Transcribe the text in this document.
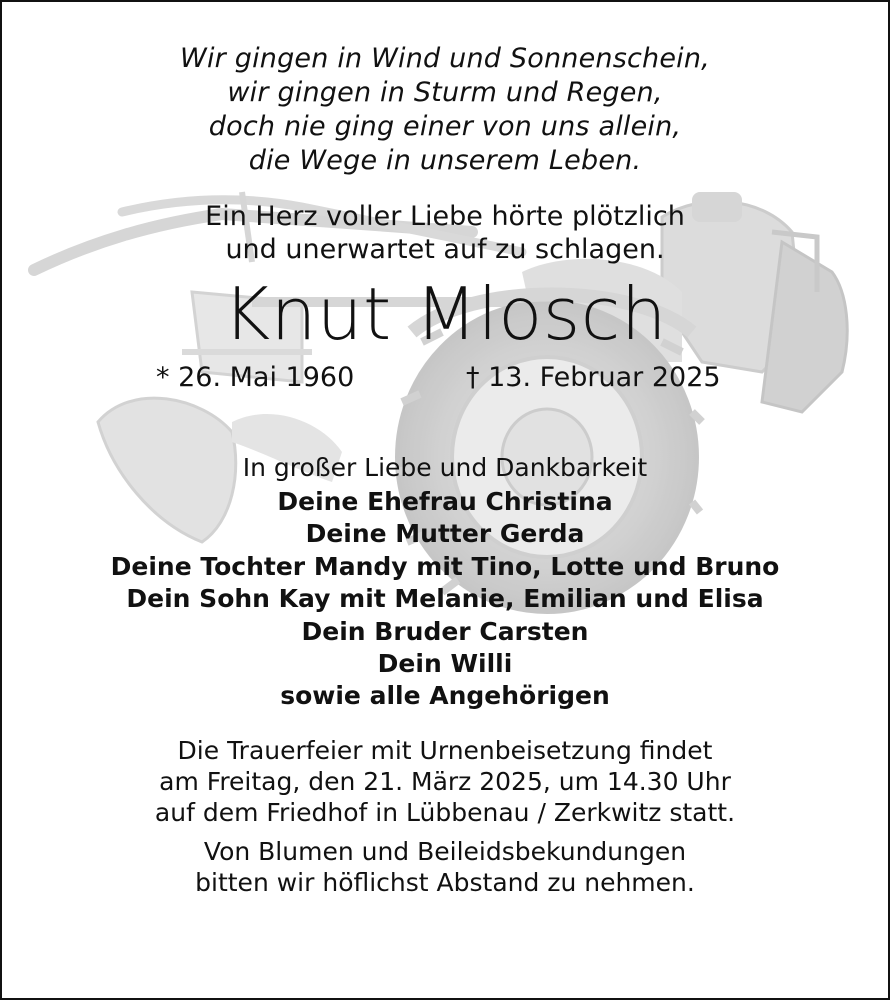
Wir gingen in Wind und Sonnenschein,
wir gingen in Sturm und Regen,
doch nie ging einer von uns allein,
die Wege in unserem Leben.
Ein Herz voller Liebe hörte plötzlich
und unerwartet auf zu schlagen.
Knut Mlosch
* 26. Mai 1960	† 13. Februar 2025
In großer Liebe und Dankbarkeit
Deine Ehefrau Christina
Deine Mutter Gerda
Deine Tochter Mandy mit Tino, Lotte und Bruno
Dein Sohn Kay mit Melanie, Emilian und Elisa
Dein Bruder Carsten
Dein Willi
sowie alle Angehörigen
Die Trauerfeier mit Urnenbeisetzung findet
am Freitag, den 21. März 2025, um 14.30 Uhr
auf dem Friedhof in Lübbenau / Zerkwitz statt.
Von Blumen und Beileidsbekundungen
bitten wir höflichst Abstand zu nehmen.
